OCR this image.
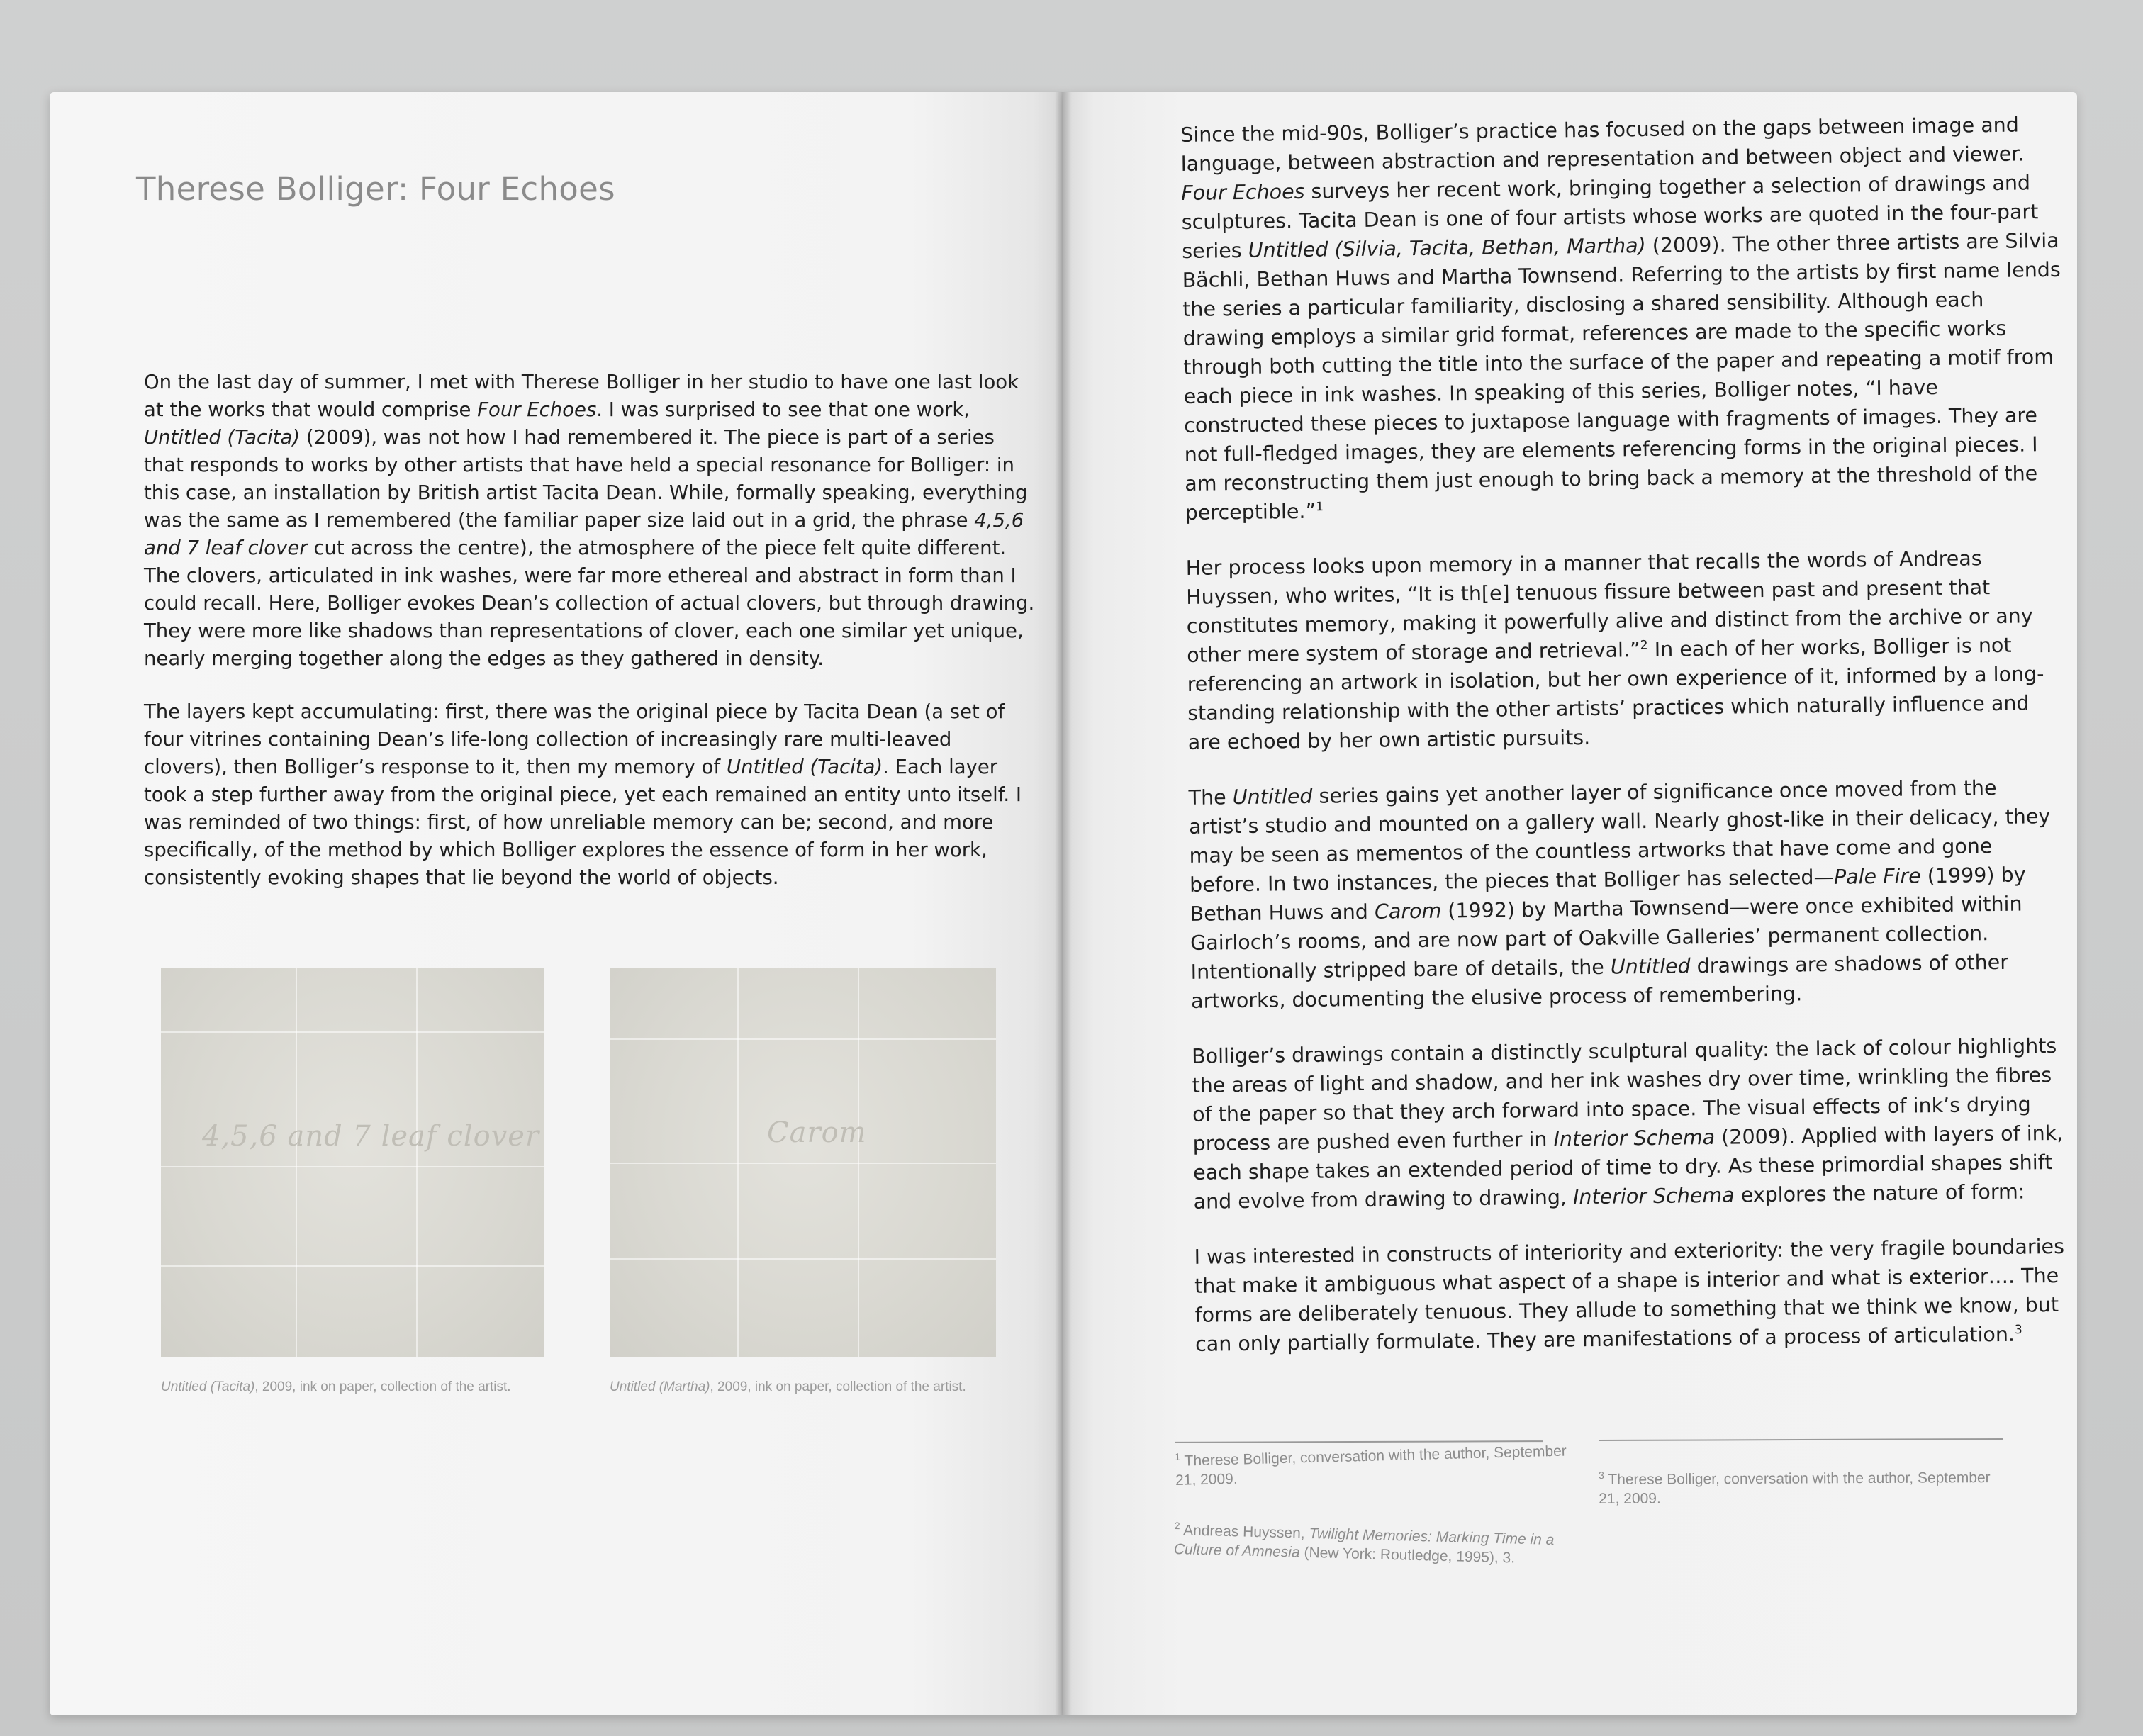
Therese Bolliger: Four Echoes

On the last day of summer, I met with Therese Bolliger in her studio to have one last look at the works that would comprise Four Echoes. I was surprised to see that one work, Untitled (Tacita) (2009), was not how I had remembered it. The piece is part of a series that responds to works by other artists that have held a special resonance for Bolliger: in this case, an installation by British artist Tacita Dean. While, formally speaking, everything was the same as I remembered (the familiar paper size laid out in a grid, the phrase 4,5,6 and 7 leaf clover cut across the centre), the atmosphere of the piece felt quite different. The clovers, articulated in ink washes, were far more ethereal and abstract in form than I could recall. Here, Bolliger evokes Dean’s collection of actual clovers, but through drawing. They were more like shadows than representations of clover, each one similar yet unique, nearly merging together along the edges as they gathered in density.

The layers kept accumulating: first, there was the original piece by Tacita Dean (a set of four vitrines containing Dean’s life-long collection of increasingly rare multi-leaved clovers), then Bolliger’s response to it, then my memory of Untitled (Tacita). Each layer took a step further away from the original piece, yet each remained an entity unto itself. I was reminded of two things: first, of how unreliable memory can be; second, and more specifically, of the method by which Bolliger explores the essence of form in her work, consistently evoking shapes that lie beyond the world of objects.

4,5,6 and 7 leaf clover
Untitled (Tacita), 2009, ink on paper, collection of the artist.
Carom
Untitled (Martha), 2009, ink on paper, collection of the artist.

Since the mid-90s, Bolliger’s practice has focused on the gaps between image and language, between abstraction and representation and between object and viewer. Four Echoes surveys her recent work, bringing together a selection of drawings and sculptures. Tacita Dean is one of four artists whose works are quoted in the four-part series Untitled (Silvia, Tacita, Bethan, Martha) (2009). The other three artists are Silvia Bächli, Bethan Huws and Martha Townsend. Referring to the artists by first name lends the series a particular familiarity, disclosing a shared sensibility. Although each drawing employs a similar grid format, references are made to the specific works through both cutting the title into the surface of the paper and repeating a motif from each piece in ink washes. In speaking of this series, Bolliger notes, “I have constructed these pieces to juxtapose language with fragments of images. They are not full-fledged images, they are elements referencing forms in the original pieces. I am reconstructing them just enough to bring back a memory at the threshold of the perceptible.”$^1$

Her process looks upon memory in a manner that recalls the words of Andreas Huyssen, who writes, “It is th[e] tenuous fissure between past and present that constitutes memory, making it powerfully alive and distinct from the archive or any other mere system of storage and retrieval.”$^2$ In each of her works, Bolliger is not referencing an artwork in isolation, but her own experience of it, informed by a long-standing relationship with the other artists’ practices which naturally influence and are echoed by her own artistic pursuits.

The Untitled series gains yet another layer of significance once moved from the artist’s studio and mounted on a gallery wall. Nearly ghost-like in their delicacy, they may be seen as mementos of the countless artworks that have come and gone before. In two instances, the pieces that Bolliger has selected—Pale Fire (1999) by Bethan Huws and Carom (1992) by Martha Townsend—were once exhibited within Gairloch’s rooms, and are now part of Oakville Galleries’ permanent collection. Intentionally stripped bare of details, the Untitled drawings are shadows of other artworks, documenting the elusive process of remembering.

Bolliger’s drawings contain a distinctly sculptural quality: the lack of colour highlights the areas of light and shadow, and her ink washes dry over time, wrinkling the fibres of the paper so that they arch forward into space. The visual effects of ink’s drying process are pushed even further in Interior Schema (2009). Applied with layers of ink, each shape takes an extended period of time to dry. As these primordial shapes shift and evolve from drawing to drawing, Interior Schema explores the nature of form:

I was interested in constructs of interiority and exteriority: the very fragile boundaries that make it ambiguous what aspect of a shape is interior and what is exterior…. The forms are deliberately tenuous. They allude to something that we think we know, but can only partially formulate. They are manifestations of a process of articulation.$^3$

$^1$ Therese Bolliger, conversation with the author, September 21, 2009.
$^2$ Andreas Huyssen, Twilight Memories: Marking Time in a Culture of Amnesia (New York: Routledge, 1995), 3.
$^3$ Therese Bolliger, conversation with the author, September 21, 2009.
